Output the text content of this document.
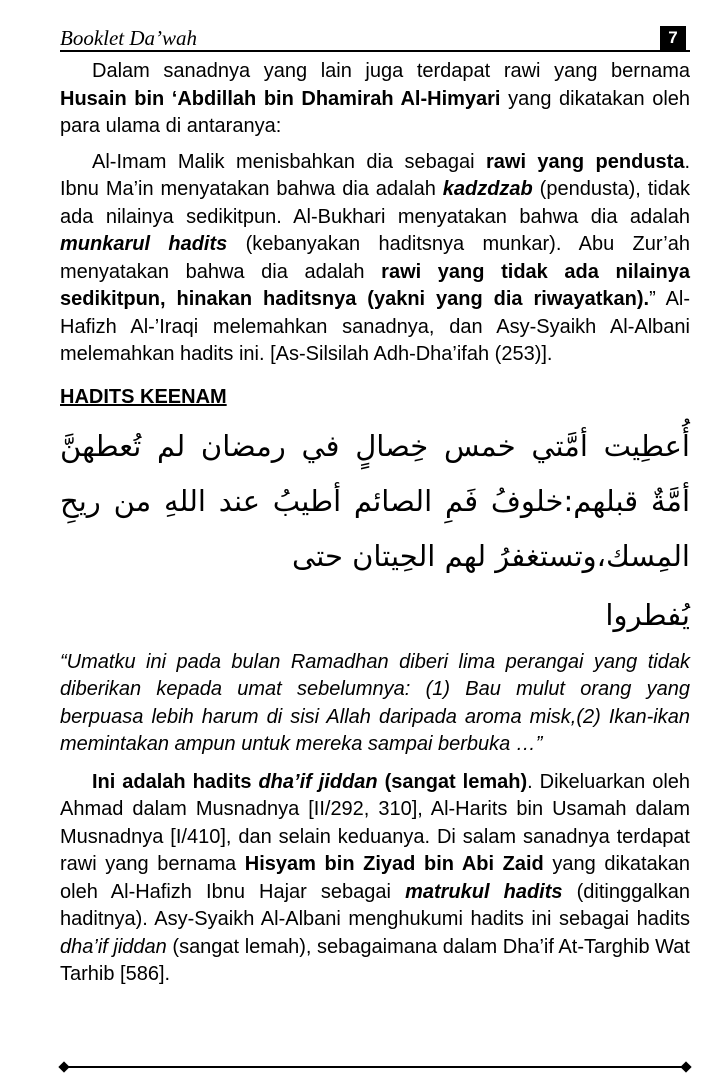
Booklet Da’wah	7

Dalam sanadnya yang lain juga terdapat rawi yang bernama Husain bin ‘Abdillah bin Dhamirah Al-Himyari yang dikatakan oleh para ulama di antaranya:

Al-Imam Malik menisbahkan dia sebagai rawi yang pendusta. Ibnu Ma’in menyatakan bahwa dia adalah kadzdzab (pendusta), tidak ada nilainya sedikitpun. Al-Bukhari menyatakan bahwa dia adalah munkarul hadits (kebanyakan haditsnya munkar). Abu Zur’ah menyatakan bahwa dia adalah rawi yang tidak ada nilainya sedikitpun, hinakan haditsnya (yakni yang dia riwayatkan).” Al-Hafizh Al-’Iraqi melemahkan sanadnya, dan Asy-Syaikh Al-Albani melemahkan hadits ini. [As-Silsilah Adh-Dha’ifah (253)].

HADITS KEENAM

أُعطِيت أمَّتي خمس خِصالٍ في رمضان لم تُعطهنَّ أمَّةٌ قبلهم:خلوفُ فَمِ الصائم أطيبُ عند اللهِ من ريحِ المِسك،وتستغفرُ لهم الحِيتان حتى

يُفطروا

“Umatku ini pada bulan Ramadhan diberi lima perangai yang tidak diberikan kepada umat sebelumnya: (1) Bau mulut orang yang berpuasa lebih harum di sisi Allah daripada aroma misk,(2) Ikan-ikan memintakan ampun untuk mereka sampai berbuka …”

Ini adalah hadits dha’if jiddan (sangat lemah). Dikeluarkan oleh Ahmad dalam Musnadnya [II/292, 310], Al-Harits bin Usamah dalam Musnadnya [I/410], dan selain keduanya. Di salam sanadnya terdapat rawi yang bernama Hisyam bin Ziyad bin Abi Zaid yang dikatakan oleh Al-Hafizh Ibnu Hajar sebagai matrukul hadits (ditinggalkan haditnya). Asy-Syaikh Al-Albani menghukumi hadits ini sebagai hadits dha’if jiddan (sangat lemah), sebagaimana dalam Dha’if At-Targhib Wat Tarhib [586].
